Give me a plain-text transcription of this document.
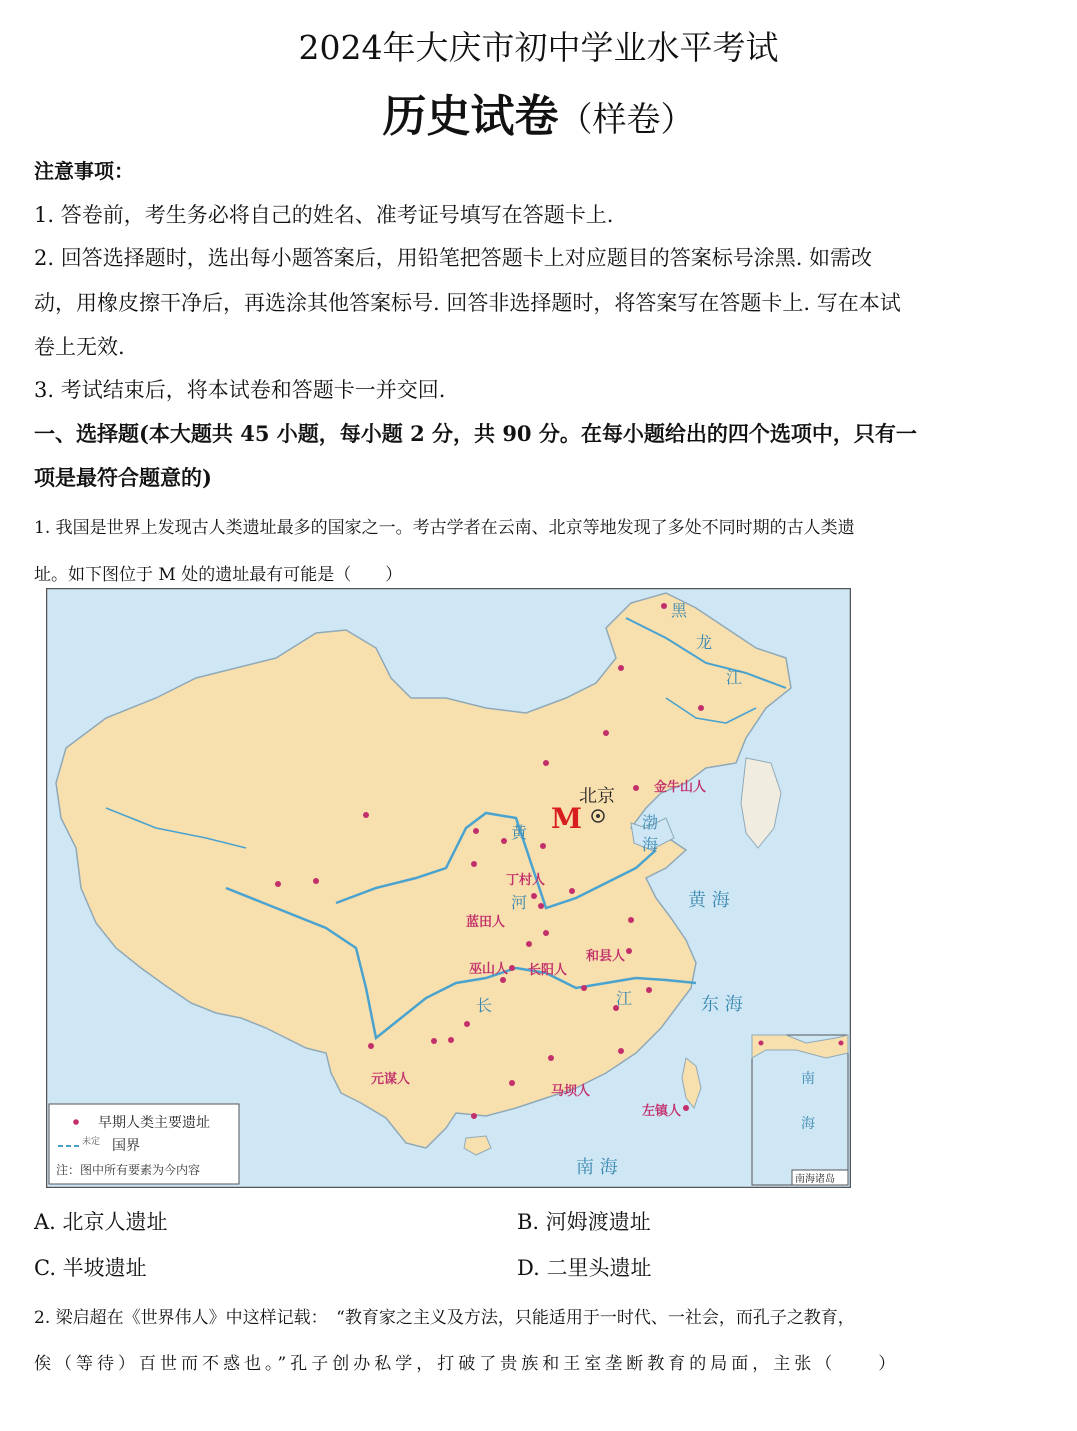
2024年大庆市初中学业水平考试
历史试卷（样卷）
注意事项：
1. 答卷前，考生务必将自己的姓名、准考证号填写在答题卡上.
2. 回答选择题时，选出每小题答案后，用铅笔把答题卡上对应题目的答案标号涂黑. 如需改
动，用橡皮擦干净后，再选涂其他答案标号. 回答非选择题时，将答案写在答题卡上. 写在本试
卷上无效.
3. 考试结束后，将本试卷和答题卡一并交回.
一、选择题(本大题共 45 小题，每小题 2 分，共 90 分。在每小题给出的四个选项中，只有一
项是最符合题意的)
1. 我国是世界上发现古人类遗址最多的国家之一。考古学者在云南、北京等地发现了多处不同时期的古人类遗
址。如下图位于 M 处的遗址最有可能是（　　）
早期人类主要遗址
未定 国界
注：图中所有要素为今内容
南
海
南海诸岛
北京
M
金牛山人
丁村人
蓝田人
和县人
巫山人 长阳人
元谋人
马坝人
左镇人
黄
河
长	江
渤
海
黄 海
东 海
南 海
黑
龙
江
A. 北京人遗址	B. 河姆渡遗址
C. 半坡遗址	D. 二里头遗址
2. 梁启超在《世界伟人》中这样记载：　“教育家之主义及方法，只能适用于一时代、一社会，而孔子之教育，
俟（等待）百世而不惑也。”孔子创办私学，打破了贵族和王室垄断教育的局面，主张（　　）
